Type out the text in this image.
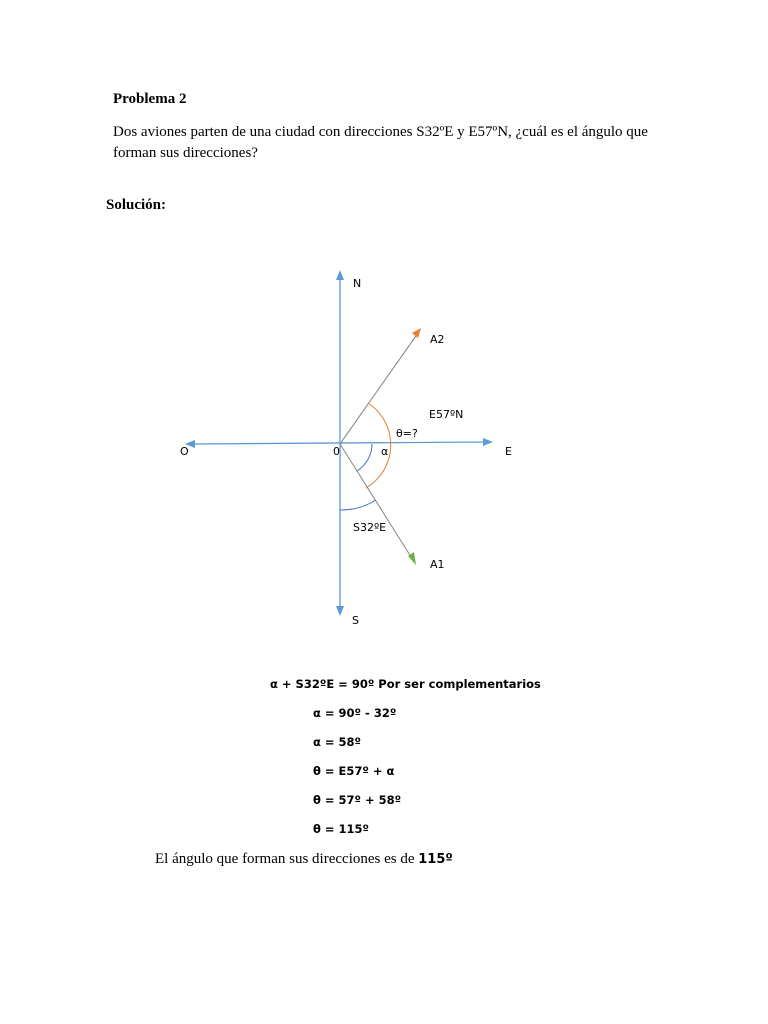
Problema 2
Dos aviones parten de una ciudad con direcciones S32ºE y E57ºN, ¿cuál es el ángulo que forman sus direcciones?
Solución:
N
S
E
O	0
A2
A1
E57ºN
S32ºE
θ=?
α
α + S32ºE = 90º Por ser complementarios
α = 90º - 32º
α = 58º
θ = E57º + α
θ = 57º + 58º
θ = 115º
El ángulo que forman sus direcciones es de 115º
